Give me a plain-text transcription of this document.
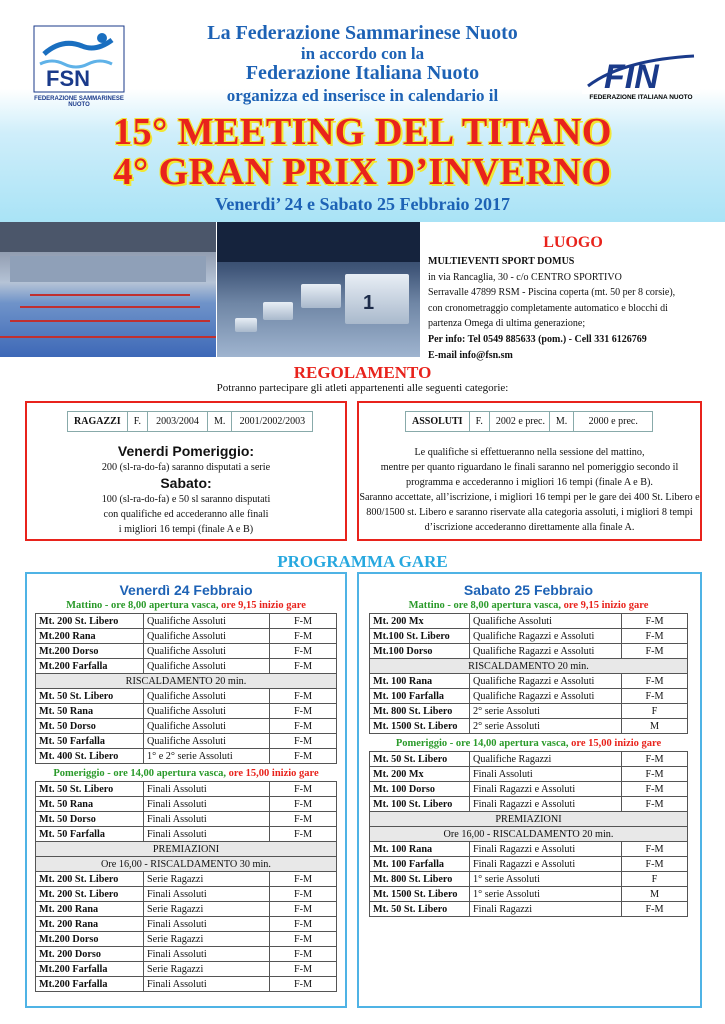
FSN
FEDERAZIONE SAMMARINESE NUOTO
La Federazione Sammarinese Nuoto
in accordo con la
Federazione Italiana Nuoto
organizza ed inserisce in calendario il	FIN
FEDERAZIONE ITALIANA NUOTO
15° MEETING DEL TITANO
4° GRAN PRIX D’INVERNO
Venerdi’ 24 e Sabato 25 Febbraio 2017
1
LUOGO
MULTIEVENTI SPORT DOMUS
in via Rancaglia, 30 - c/o CENTRO SPORTIVO
Serravalle 47899 RSM - Piscina coperta (mt. 50 per 8 corsie),
con cronometraggio completamente automatico e blocchi di
partenza Omega di ultima generazione;
Per info: Tel 0549 885633 (pom.) - Cell 331 6126769
E-mail info@fsn.sm
REGOLAMENTO
Potranno partecipare gli atleti appartenenti alle seguenti categorie:
RAGAZZI	F.	2003/2004	M.	2001/2002/2003
Venerdi Pomeriggio:
200 (sl-ra-do-fa) saranno disputati a serie
Sabato:
100 (sl-ra-do-fa) e 50 sl saranno disputati
con qualifiche ed accederanno alle finali
i migliori 16 tempi (finale A e B)
ASSOLUTI	F.	2002 e prec.	M.	2000 e prec.
Le qualifiche si effettueranno nella sessione del mattino,
mentre per quanto riguardano le finali saranno nel pomeriggio secondo il
programma e accederanno i migliori 16 tempi (finale A e B).
Saranno accettate, all’iscrizione, i migliori 16 tempi per le gare dei 400 St. Libero e
800/1500 st. Libero e saranno riservate alla categoria assoluti, i migliori 8 tempi
d’iscrizione accederanno direttamente alla finale A.
PROGRAMMA GARE
Venerdì 24 Febbraio
Mattino - ore 8,00 apertura vasca, ore 9,15 inizio gare
Mt. 200 St. Libero	Qualifiche Assoluti	F-M
Mt.200 Rana	Qualifiche Assoluti	F-M
Mt.200 Dorso	Qualifiche Assoluti	F-M
Mt.200 Farfalla	Qualifiche Assoluti	F-M
RISCALDAMENTO 20 min.		
Mt. 50 St. Libero	Qualifiche Assoluti	F-M
Mt. 50 Rana	Qualifiche Assoluti	F-M
Mt. 50 Dorso	Qualifiche Assoluti	F-M
Mt. 50 Farfalla	Qualifiche Assoluti	F-M
Mt. 400 St. Libero	1° e 2° serie Assoluti	F-M
Pomeriggio - ore 14,00 apertura vasca, ore 15,00 inizio gare
Mt. 50 St. Libero	Finali Assoluti	F-M
Mt. 50 Rana	Finali Assoluti	F-M
Mt. 50 Dorso	Finali Assoluti	F-M
Mt. 50 Farfalla	Finali Assoluti	F-M
PREMIAZIONI		
Ore 16,00 - RISCALDAMENTO 30 min.		
Mt. 200 St. Libero	Serie Ragazzi	F-M
Mt. 200 St. Libero	Finali Assoluti	F-M
Mt. 200 Rana	Serie Ragazzi	F-M
Mt. 200 Rana	Finali Assoluti	F-M
Mt.200 Dorso	Serie Ragazzi	F-M
Mt. 200 Dorso	Finali Assoluti	F-M
Mt.200 Farfalla	Serie Ragazzi	F-M
Mt.200 Farfalla	Finali Assoluti	F-M
Sabato 25 Febbraio
Mattino - ore 8,00 apertura vasca, ore 9,15 inizio gare
Mt. 200 Mx	Qualifiche Assoluti	F-M
Mt.100 St. Libero	Qualifiche Ragazzi e Assoluti	F-M
Mt.100 Dorso	Qualifiche Ragazzi e Assoluti	F-M
RISCALDAMENTO 20 min.		
Mt. 100 Rana	Qualifiche Ragazzi e Assoluti	F-M
Mt. 100 Farfalla	Qualifiche Ragazzi e Assoluti	F-M
Mt. 800 St. Libero	2° serie Assoluti	F
Mt. 1500 St. Libero	2° serie Assoluti	M
Pomeriggio - ore 14,00 apertura vasca, ore 15,00 inizio gare
Mt. 50 St. Libero	Qualifiche Ragazzi	F-M
Mt. 200 Mx	Finali Assoluti	F-M
Mt. 100 Dorso	Finali Ragazzi e Assoluti	F-M
Mt. 100 St. Libero	Finali Ragazzi e Assoluti	F-M
PREMIAZIONI		
Ore 16,00 - RISCALDAMENTO 20 min.		
Mt. 100 Rana	Finali Ragazzi e Assoluti	F-M
Mt. 100 Farfalla	Finali Ragazzi e Assoluti	F-M
Mt. 800 St. Libero	1° serie Assoluti	F
Mt. 1500 St. Libero	1° serie Assoluti	M
Mt. 50 St. Libero	Finali Ragazzi	F-M
